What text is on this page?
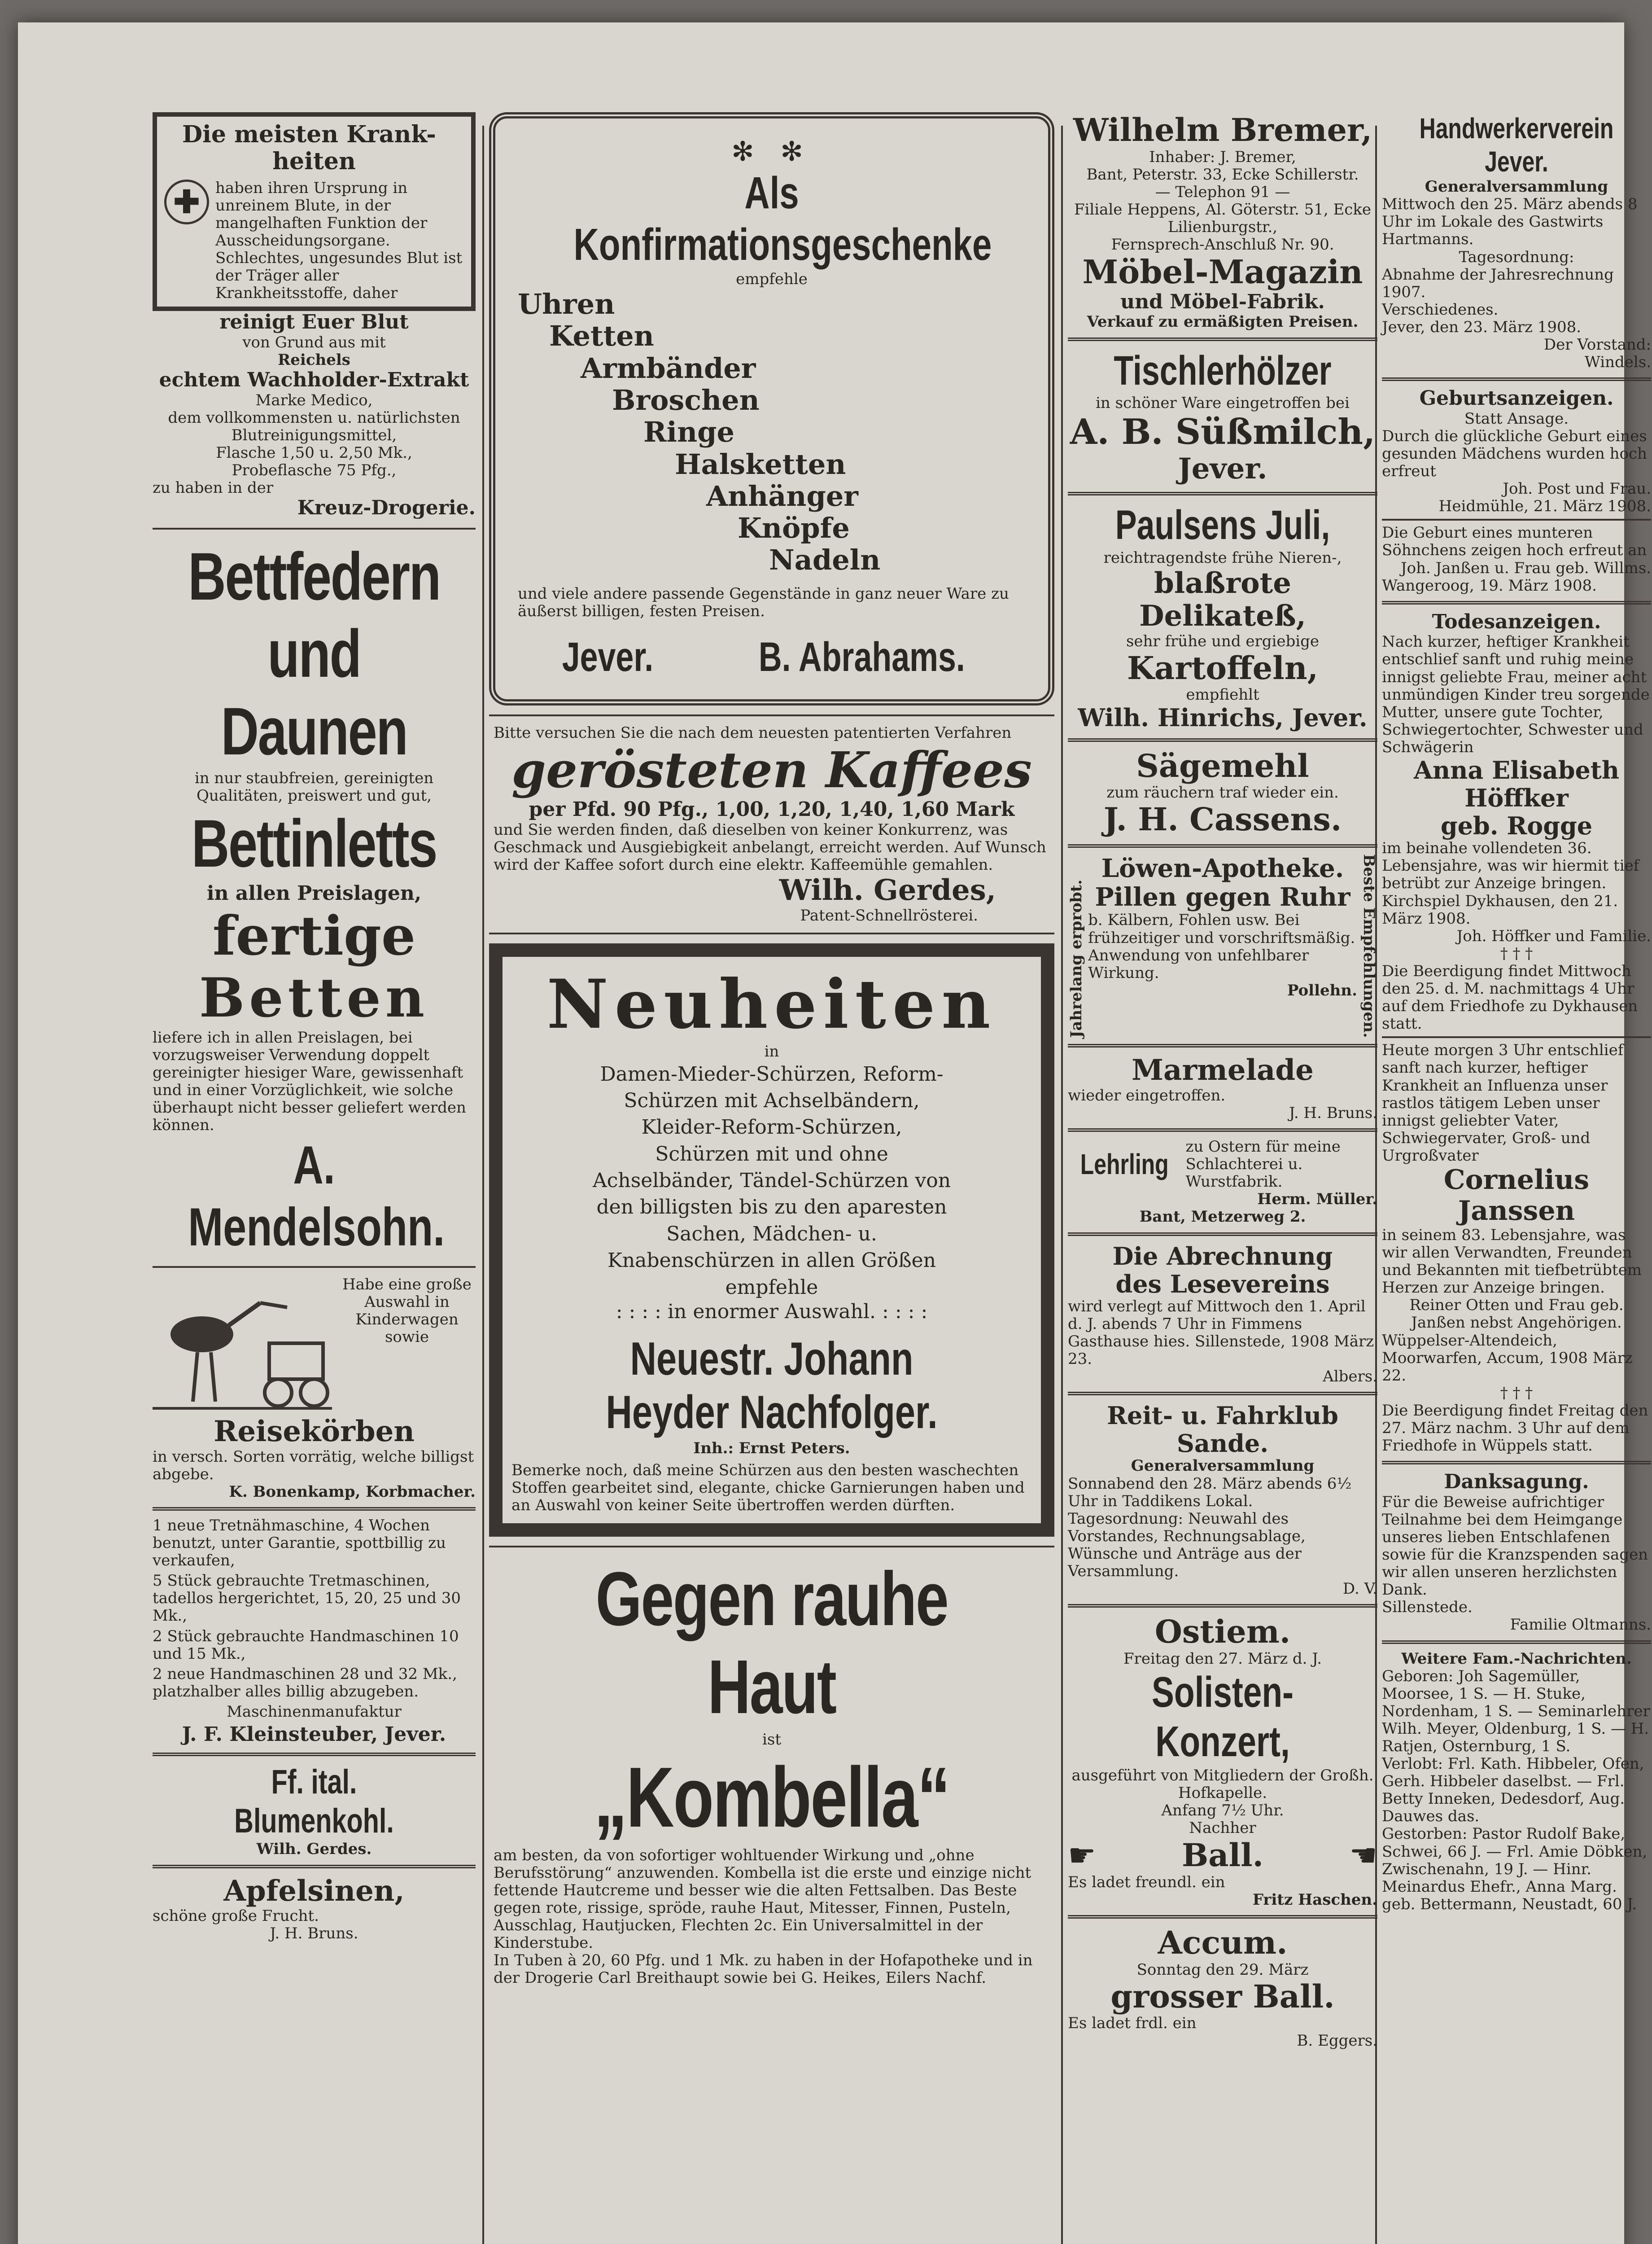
Die meisten Krank-

heiten

✚	haben ihren Ursprung in unreinem Blute, in der mangelhaften Funktion der Ausscheidungsorgane. Schlechtes, ungesundes Blut ist der Träger aller Krankheitsstoffe, daher

reinigt Euer Blut

von Grund aus mit

Reichels

echtem Wachholder-Extrakt

Marke Medico,

dem vollkommensten u. natürlichsten Blutreinigungsmittel,

Flasche 1,50 u. 2,50 Mk.,

Probeflasche 75 Pfg.,

zu haben in der

Kreuz-Drogerie.

Bettfedern

und Daunen

in nur staubfreien, gereinigten Qualitäten, preiswert und gut,

Bettinletts

in allen Preislagen,

fertige

Betten

liefere ich in allen Preislagen, bei vorzugsweiser Verwendung doppelt gereinigter hiesiger Ware, gewissenhaft und in einer Vorzüglichkeit, wie solche überhaupt nicht besser geliefert werden können.

A. Mendelsohn.

Habe eine große Auswahl in Kinderwagen sowie

Reisekörben

in versch. Sorten vorrätig, welche billigst abgebe.

K. Bonenkamp, Korbmacher.

1 neue Tretnähmaschine, 4 Wochen benutzt, unter Garantie, spottbillig zu verkaufen,

5 Stück gebrauchte Tretmaschinen, tadellos hergerichtet, 15, 20, 25 und 30 Mk.,

2 Stück gebrauchte Handmaschinen 10 und 15 Mk.,

2 neue Handmaschinen 28 und 32 Mk., platzhalber alles billig abzugeben.

Maschinenmanufaktur

J. F. Kleinsteuber, Jever.

Ff. ital. Blumenkohl.

Wilh. Gerdes.

Apfelsinen,

schöne große Frucht.

J. H. Bruns.

✻ ✻

Als Konfirmationsgeschenke

empfehle

Uhren

Ketten

Armbänder

Broschen

Ringe

Halsketten

Anhänger

Knöpfe

Nadeln

und viele andere passende Gegenstände in ganz neuer Ware zu äußerst billigen, festen Preisen.

Jever.	B. Abrahams.

Bitte versuchen Sie die nach dem neuesten patentierten Verfahren

gerösteten Kaffees

per Pfd. 90 Pfg., 1,00, 1,20, 1,40, 1,60 Mark

und Sie werden finden, daß dieselben von keiner Konkurrenz, was Geschmack und Ausgiebigkeit anbelangt, erreicht werden. Auf Wunsch wird der Kaffee sofort durch eine elektr. Kaffeemühle gemahlen.

Wilh. Gerdes,

Patent-Schnellrösterei.

Neuheiten

in

Damen-Mieder-Schürzen, Reform-Schürzen mit Achselbändern, Kleider-Reform-Schürzen, Schürzen mit und ohne Achselbänder, Tändel-Schürzen von den billigsten bis zu den aparesten Sachen, Mädchen- u. Knabenschürzen in allen Größen empfehle

: : : : in enormer Auswahl. : : : :

Neuestr. Johann Heyder Nachfolger.

Inh.: Ernst Peters.

Bemerke noch, daß meine Schürzen aus den besten waschechten Stoffen gearbeitet sind, elegante, chicke Garnierungen haben und an Auswahl von keiner Seite übertroffen werden dürften.

Gegen rauhe Haut

ist

„Kombella“

am besten, da von sofortiger wohltuender Wirkung und „ohne Berufsstörung“ anzuwenden. Kombella ist die erste und einzige nicht fettende Hautcreme und besser wie die alten Fettsalben. Das Beste gegen rote, rissige, spröde, rauhe Haut, Mitesser, Finnen, Pusteln, Ausschlag, Hautjucken, Flechten 2c. Ein Universalmittel in der Kinderstube.

In Tuben à 20, 60 Pfg. und 1 Mk. zu haben in der Hofapotheke und in der Drogerie Carl Breithaupt sowie bei G. Heikes, Eilers Nachf.

Wilhelm Bremer,

Inhaber: J. Bremer,

Bant, Peterstr. 33, Ecke Schillerstr.

— Telephon 91 —

Filiale Heppens, Al. Göterstr. 51, Ecke Lilienburgstr.,

Fernsprech-Anschluß Nr. 90.

Möbel-Magazin

und Möbel-Fabrik.

Verkauf zu ermäßigten Preisen.

Tischlerhölzer

in schöner Ware eingetroffen bei

A. B. Süßmilch,

Jever.

Paulsens Juli,

reichtragendste frühe Nieren-,

blaßrote Delikateß,

sehr frühe und ergiebige

Kartoffeln,

empfiehlt

Wilh. Hinrichs, Jever.

Sägemehl

zum räuchern traf wieder ein.

J. H. Cassens.

Jahrelang erprobt.

Löwen-Apotheke.

Pillen gegen Ruhr

b. Kälbern, Fohlen usw. Bei frühzeitiger und vorschriftsmäßig. Anwendung von unfehlbarer Wirkung.

Pollehn. Beste Empfehlungen.

Marmelade

wieder eingetroffen.

J. H. Bruns.

Lehrling

zu Ostern für meine Schlachterei u. Wurstfabrik.

Herm. Müller.

Bant, Metzerweg 2.

Die Abrechnung

des Lesevereins

wird verlegt auf Mittwoch den 1. April d. J. abends 7 Uhr in Fimmens Gasthause hies. Sillenstede, 1908 März 23.

Albers.

Reit- u. Fahrklub

Sande.

Generalversammlung

Sonnabend den 28. März abends 6½ Uhr in Taddikens Lokal.

Tagesordnung: Neuwahl des Vorstandes, Rechnungsablage, Wünsche und Anträge aus der Versammlung.

D. V.

Ostiem.

Freitag den 27. März d. J.

Solisten-Konzert,

ausgeführt von Mitgliedern der Großh. Hofkapelle.

Anfang 7½ Uhr.

Nachher

☛	Ball.	☚

Es ladet freundl. ein

Fritz Haschen.

Accum.

Sonntag den 29. März

grosser Ball.

Es ladet frdl. ein

B. Eggers.

Handwerkerverein Jever.

Generalversammlung

Mittwoch den 25. März abends 8 Uhr im Lokale des Gastwirts Hartmanns.

Tagesordnung:

Abnahme der Jahresrechnung 1907.

Verschiedenes.

Jever, den 23. März 1908.

Der Vorstand:

Windels.

Geburtsanzeigen.

Statt Ansage.

Durch die glückliche Geburt eines gesunden Mädchens wurden hoch erfreut

Joh. Post und Frau.

Heidmühle, 21. März 1908.

Die Geburt eines munteren Söhnchens zeigen hoch erfreut an

Joh. Janßen u. Frau geb. Willms.

Wangeroog, 19. März 1908.

Todesanzeigen.

Nach kurzer, heftiger Krankheit entschlief sanft und ruhig meine innigst geliebte Frau, meiner acht unmündigen Kinder treu sorgende Mutter, unsere gute Tochter, Schwiegertochter, Schwester und Schwägerin

Anna Elisabeth Höffker

geb. Rogge

im beinahe vollendeten 36. Lebensjahre, was wir hiermit tief betrübt zur Anzeige bringen.

Kirchspiel Dykhausen, den 21. März 1908.

Joh. Höffker und Familie.

† † †

Die Beerdigung findet Mittwoch den 25. d. M. nachmittags 4 Uhr auf dem Friedhofe zu Dykhausen statt.

Heute morgen 3 Uhr entschlief sanft nach kurzer, heftiger Krankheit an Influenza unser rastlos tätigem Leben unser innigst geliebter Vater, Schwiegervater, Groß- und Urgroßvater

Cornelius Janssen

in seinem 83. Lebensjahre, was wir allen Verwandten, Freunden und Bekannten mit tiefbetrübtem Herzen zur Anzeige bringen.

Reiner Otten und Frau geb. Janßen nebst Angehörigen.

Wüppelser-Altendeich, Moorwarfen, Accum, 1908 März 22.

† † †

Die Beerdigung findet Freitag den 27. März nachm. 3 Uhr auf dem Friedhofe in Wüppels statt.

Danksagung.

Für die Beweise aufrichtiger Teilnahme bei dem Heimgange unseres lieben Entschlafenen sowie für die Kranzspenden sagen wir allen unseren herzlichsten Dank.

Sillenstede.

Familie Oltmanns.

Weitere Fam.-Nachrichten.

Geboren: Joh Sagemüller, Moorsee, 1 S. — H. Stuke, Nordenham, 1 S. — Seminarlehrer Wilh. Meyer, Oldenburg, 1 S. — H. Ratjen, Osternburg, 1 S.

Verlobt: Frl. Kath. Hibbeler, Ofen, Gerh. Hibbeler daselbst. — Frl. Betty Inneken, Dedesdorf, Aug. Dauwes das.

Gestorben: Pastor Rudolf Bake, Schwei, 66 J. — Frl. Amie Döbken, Zwischenahn, 19 J. — Hinr. Meinardus Ehefr., Anna Marg. geb. Bettermann, Neustadt, 60 J.
